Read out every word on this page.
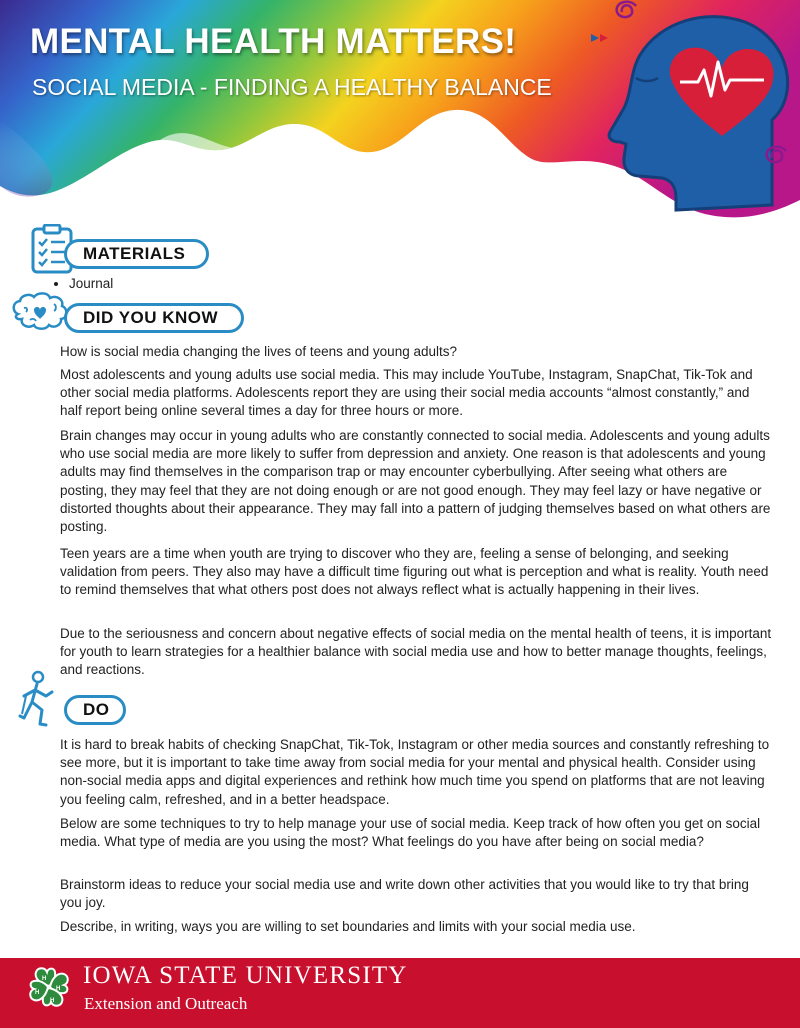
MENTAL HEALTH MATTERS!
SOCIAL MEDIA - FINDING A HEALTHY BALANCE
MATERIALS
• Journal
DID YOU KNOW

How is social media changing the lives of teens and young adults?

Most adolescents and young adults use social media. This may include YouTube, Instagram, SnapChat, Tik-Tok and other social media platforms. Adolescents report they are using their social media accounts “almost constantly,” and half report being online several times a day for three hours or more.

Brain changes may occur in young adults who are constantly connected to social media. Adolescents and young adults who use social media are more likely to suffer from depression and anxiety. One reason is that adolescents and young adults may find themselves in the comparison trap or may encounter cyberbullying. After seeing what others are posting, they may feel that they are not doing enough or are not good enough. They may feel lazy or have negative or distorted thoughts about their appearance. They may fall into a pattern of judging themselves based on what others are posting.

Teen years are a time when youth are trying to discover who they are, feeling a sense of belonging, and seeking validation from peers. They also may have a difficult time figuring out what is perception and what is reality. Youth need to remind themselves that what others post does not always reflect what is actually happening in their lives.

Due to the seriousness and concern about negative effects of social media on the mental health of teens, it is important for youth to learn strategies for a healthier balance with social media use and how to better manage thoughts, feelings, and reactions.

DO

It is hard to break habits of checking SnapChat, Tik-Tok, Instagram or other media sources and constantly refreshing to see more, but it is important to take time away from social media for your mental and physical health. Consider using non-social media apps and digital experiences and rethink how much time you spend on platforms that are not leaving you feeling calm, refreshed, and in a better headspace.

Below are some techniques to try to help manage your use of social media. Keep track of how often you get on social media. What type of media are you using the most? What feelings do you have after being on social media?

Brainstorm ideas to reduce your social media use and write down other activities that you would like to try that bring you joy.

Describe, in writing, ways you are willing to set boundaries and limits with your social media use.

H
H
H
H

IOWA STATE UNIVERSITY

Extension and Outreach
